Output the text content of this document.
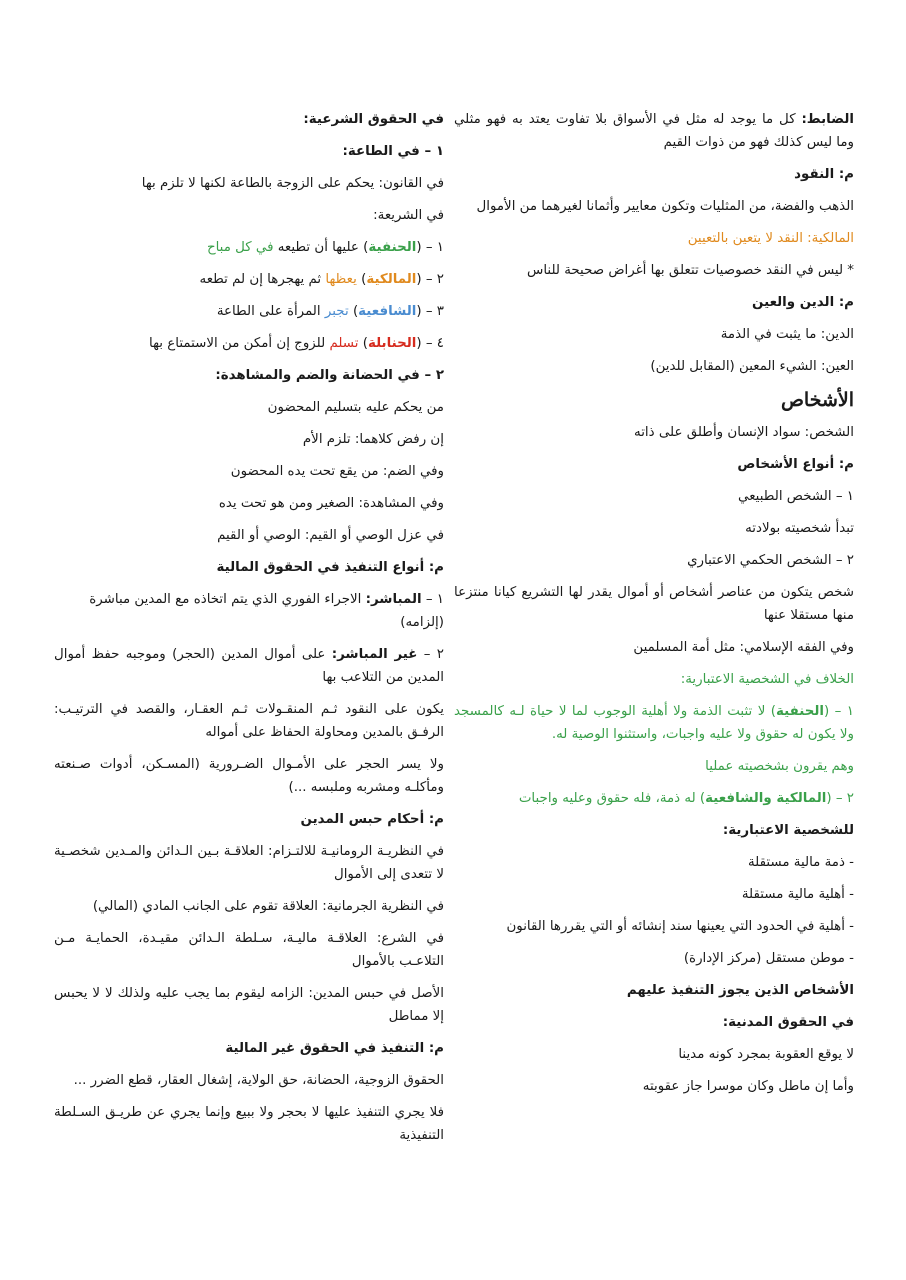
الضابط: كل ما يوجد له مثل في الأسواق بلا تفاوت يعتد به فهو مثلي وما ليس كذلك فهو من ذوات القيم

م: النقود

الذهب والفضة، من المثليات وتكون معايير وأثمانا لغيرهما من الأموال

المالكية: النقد لا يتعين بالتعيين

* ليس في النقد خصوصيات تتعلق بها أغراض صحيحة للناس

م: الدين والعين

الدين: ما يثبت في الذمة

العين: الشيء المعين (المقابل للدين)

الأشخاص

الشخص: سواد الإنسان وأطلق على ذاته

م: أنواع الأشخاص

١ – الشخص الطبيعي

تبدأ شخصيته بولادته

٢ – الشخص الحكمي الاعتباري

شخص يتكون من عناصر أشخاص أو أموال يقدر لها التشريع كيانا منتزعا منها مستقلا عنها

وفي الفقه الإسلامي: مثل أمة المسلمين

الخلاف في الشخصية الاعتبارية:

١ – (الحنفية) لا تثبت الذمة ولا أهلية الوجوب لما لا حياة لـه كالمسجد ولا يكون له حقوق ولا عليه واجبات، واستثنوا الوصية له.

وهم يقرون بشخصيته عمليا

٢ – (المالكية والشافعية) له ذمة، فله حقوق وعليه واجبات

للشخصية الاعتبارية:

- ذمة مالية مستقلة

- أهلية مالية مستقلة

- أهلية في الحدود التي يعينها سند إنشائه أو التي يقررها القانون

- موطن مستقل (مركز الإدارة)

الأشخاص الذين يجوز التنفيذ عليهم

في الحقوق المدنية:

لا يوقع العقوبة بمجرد كونه مدينا

وأما إن ماطل وكان موسرا جاز عقوبته

في الحقوق الشرعية:

١ – في الطاعة:

في القانون: يحكم على الزوجة بالطاعة لكنها لا تلزم بها

في الشريعة:

١ – (الحنفية) عليها أن تطيعه في كل مباح

٢ – (المالكية) يعظها ثم يهجرها إن لم تطعه

٣ – (الشافعية) تجبر المرأة على الطاعة

٤ – (الحنابلة) تسلم للزوج إن أمكن من الاستمتاع بها

٢ – في الحضانة والضم والمشاهدة:

من يحكم عليه بتسليم المحضون

إن رفض كلاهما: تلزم الأم

وفي الضم: من يقع تحت يده المحضون

وفي المشاهدة: الصغير ومن هو تحت يده

في عزل الوصي أو القيم: الوصي أو القيم

م: أنواع التنفيذ في الحقوق المالية

١ – المباشر: الاجراء الفوري الذي يتم اتخاذه مع المدين مباشرة (إلزامه)

٢ – غير المباشر: على أموال المدين (الحجر) وموجبه حفظ أموال المدين من التلاعب بها

يكون على النقود ثـم المنقـولات ثـم العقـار، والقصد في الترتيـب: الرفـق بالمدين ومحاولة الحفاظ على أمواله

ولا يسر الحجر على الأمـوال الضـرورية (المسـكن، أدوات صـنعته ومأكلـه ومشربه وملبسه ...)

م: أحكام حبس المدين

في النظريـة الرومانيـة للالتـزام: العلاقـة بـين الـدائن والمـدين شخصـية لا تتعدى إلى الأموال

في النظرية الجرمانية: العلاقة تقوم على الجانب المادي (المالي)

في الشرع: العلاقـة ماليـة، سـلطة الـدائن مقيـدة، الحمايـة مـن التلاعـب بالأموال

الأصل في حبس المدين: الزامه ليقوم بما يجب عليه ولذلك لا لا يحبس إلا مماطل

م: التنفيذ في الحقوق غير المالية

الحقوق الزوجية، الحضانة، حق الولاية، إشغال العقار، قطع الضرر ...

فلا يجري التنفيذ عليها لا بحجر ولا ببيع وإنما يجري عن طريـق السـلطة التنفيذية
